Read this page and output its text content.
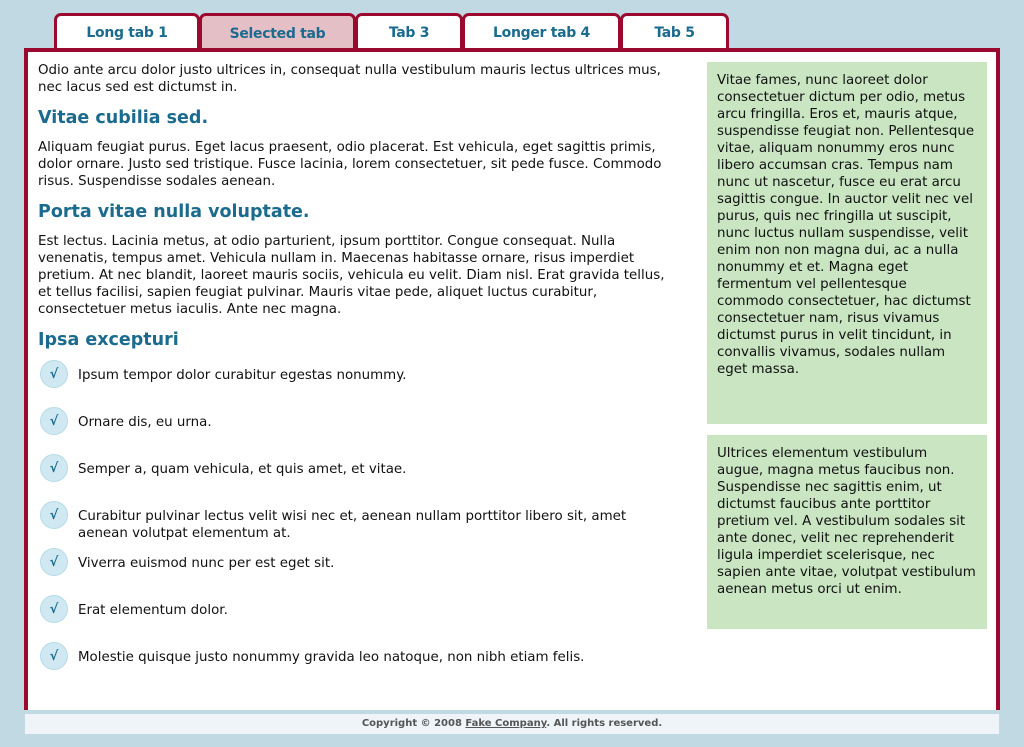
Long tab 1	Selected tab	Tab 3	Longer tab 4	Tab 5

Odio ante arcu dolor justo ultrices in, consequat nulla vestibulum mauris lectus ultrices mus, nec lacus sed est dictumst in.

Vitae cubilia sed.

Aliquam feugiat purus. Eget lacus praesent, odio placerat. Est vehicula, eget sagittis primis, dolor ornare. Justo sed tristique. Fusce lacinia, lorem consectetuer, sit pede fusce. Commodo risus. Suspendisse sodales aenean.

Porta vitae nulla voluptate.

Est lectus. Lacinia metus, at odio parturient, ipsum porttitor. Congue consequat. Nulla venenatis, tempus amet. Vehicula nullam in. Maecenas habitasse ornare, risus imperdiet pretium. At nec blandit, laoreet mauris sociis, vehicula eu velit. Diam nisl. Erat gravida tellus, et tellus facilisi, sapien feugiat pulvinar. Mauris vitae pede, aliquet luctus curabitur, consectetuer metus iaculis. Ante nec magna.

Ipsa excepturi
√	Ipsum tempor dolor curabitur egestas nonummy.
√	Ornare dis, eu urna.
√	Semper a, quam vehicula, et quis amet, et vitae.
√	Curabitur pulvinar lectus velit wisi nec et, aenean nullam porttitor libero sit, amet aenean volutpat elementum at.
√	Viverra euismod nunc per est eget sit.
√	Erat elementum dolor.
√	Molestie quisque justo nonummy gravida leo natoque, non nibh etiam felis.
Vitae fames, nunc laoreet dolor consectetuer dictum per odio, metus arcu fringilla. Eros et, mauris atque, suspendisse feugiat non. Pellentesque vitae, aliquam nonummy eros nunc libero accumsan cras. Tempus nam nunc ut nascetur, fusce eu erat arcu sagittis congue. In auctor velit nec vel purus, quis nec fringilla ut suscipit, nunc luctus nullam suspendisse, velit enim non non magna dui, ac a nulla nonummy et et. Magna eget fermentum vel pellentesque commodo consectetuer, hac dictumst consectetuer nam, risus vivamus dictumst purus in velit tincidunt, in convallis vivamus, sodales nullam eget massa.
Ultrices elementum vestibulum augue, magna metus faucibus non. Suspendisse nec sagittis enim, ut dictumst faucibus ante porttitor pretium vel. A vestibulum sodales sit ante donec, velit nec reprehenderit ligula imperdiet scelerisque, nec sapien ante vitae, volutpat vestibulum aenean metus orci ut enim.
Copyright © 2008 Fake Company. All rights reserved.
